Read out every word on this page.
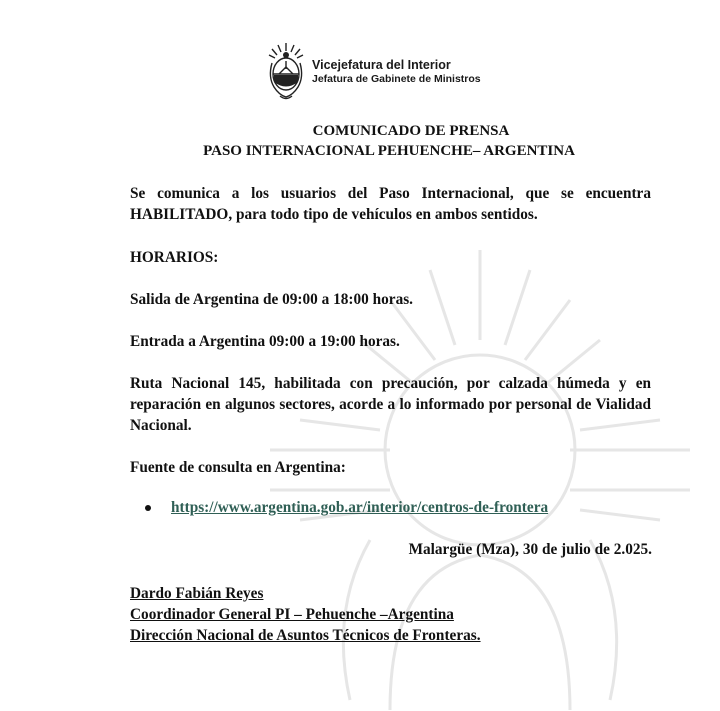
Vicejefatura del Interior
Jefatura de Gabinete de Ministros
COMUNICADO DE PRENSA
PASO INTERNACIONAL PEHUENCHE– ARGENTINA
Se comunica a los usuarios del Paso Internacional, que se encuentra HABILITADO, para todo tipo de vehículos en ambos sentidos.
HORARIOS:
Salida de Argentina de 09:00 a 18:00 horas.
Entrada a Argentina 09:00 a 19:00 horas.
Ruta Nacional 145, habilitada con precaución, por calzada húmeda y en reparación en algunos sectores, acorde a lo informado por personal de Vialidad Nacional.
Fuente de consulta en Argentina:
https://www.argentina.gob.ar/interior/centros-de-frontera
Malargüe (Mza), 30 de julio de 2.025.
Dardo Fabián Reyes
Coordinador General PI – Pehuenche –Argentina
Dirección Nacional de Asuntos Técnicos de Fronteras.
